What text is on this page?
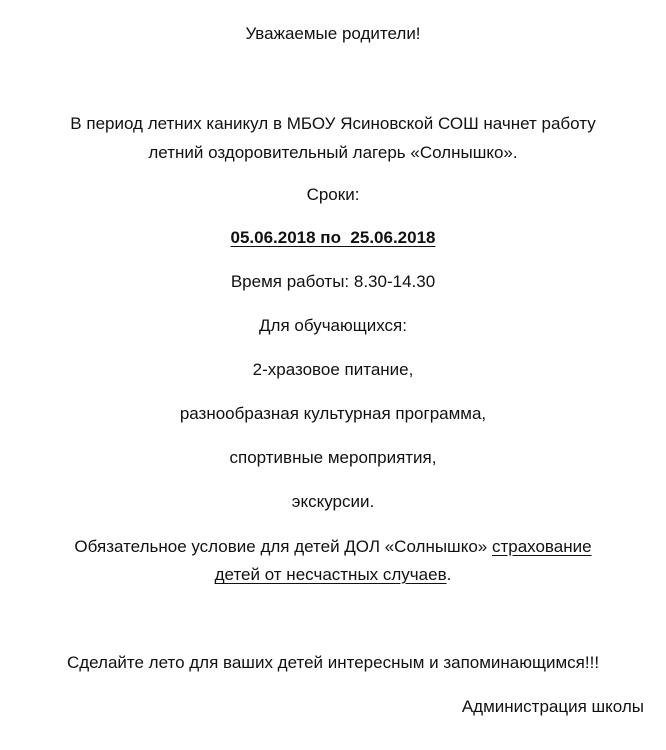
Уважаемые родители!
В период летних каникул в МБОУ Ясиновской СОШ начнет работу
летний оздоровительный лагерь «Солнышко».
Сроки:
05.06.2018 по  25.06.2018
Время работы: 8.30-14.30
Для обучающихся:
2-хразовое питание,
разнообразная культурная программа,
спортивные мероприятия,
экскурсии.
Обязательное условие для детей ДОЛ «Солнышко» страхование
детей от несчастных случаев.
Сделайте лето для ваших детей интересным и запоминающимся!!!
Администрация школы
